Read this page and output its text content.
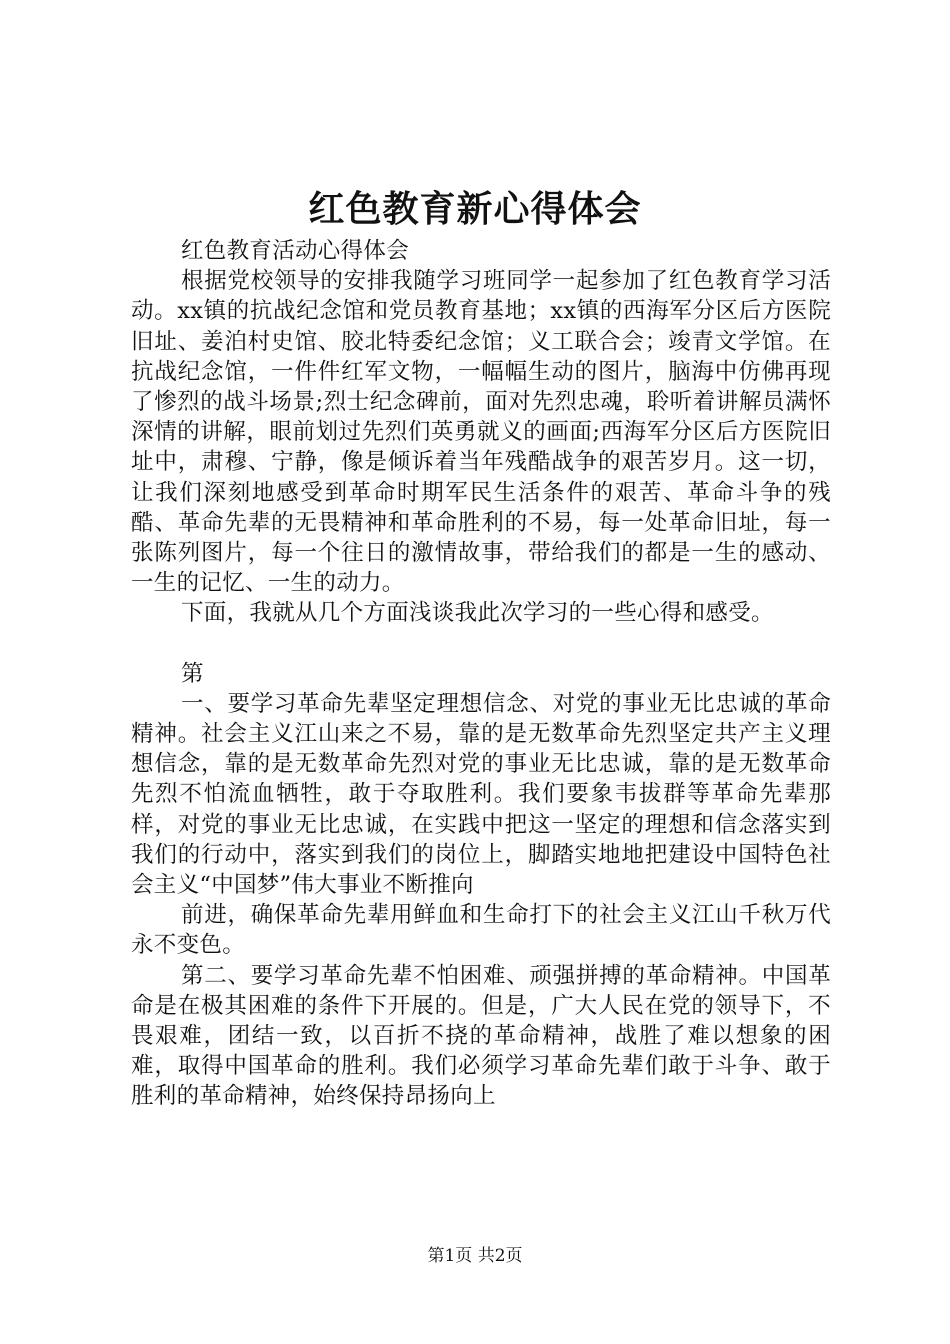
红色教育新心得体会

红色教育活动心得体会

根据党校领导的安排我随学习班同学一起参加了红色教育学习活动。xx镇的抗战纪念馆和党员教育基地；xx镇的西海军分区后方医院旧址、姜泊村史馆、胶北特委纪念馆；义工联合会；竣青文学馆。在抗战纪念馆，一件件红军文物，一幅幅生动的图片，脑海中仿佛再现了惨烈的战斗场景;烈士纪念碑前，面对先烈忠魂，聆听着讲解员满怀深情的讲解，眼前划过先烈们英勇就义的画面;西海军分区后方医院旧址中，肃穆、宁静，像是倾诉着当年残酷战争的艰苦岁月。这一切，让我们深刻地感受到革命时期军民生活条件的艰苦、革命斗争的残酷、革命先辈的无畏精神和革命胜利的不易，每一处革命旧址，每一张陈列图片，每一个往日的激情故事，带给我们的都是一生的感动、一生的记忆、一生的动力。

下面，我就从几个方面浅谈我此次学习的一些心得和感受。

第

一、要学习革命先辈坚定理想信念、对党的事业无比忠诚的革命精神。社会主义江山来之不易，靠的是无数革命先烈坚定共产主义理想信念，靠的是无数革命先烈对党的事业无比忠诚，靠的是无数革命先烈不怕流血牺牲，敢于夺取胜利。我们要象韦拔群等革命先辈那样，对党的事业无比忠诚，在实践中把这一坚定的理想和信念落实到我们的行动中，落实到我们的岗位上，脚踏实地地把建设中国特色社会主义“中国梦”伟大事业不断推向

前进，确保革命先辈用鲜血和生命打下的社会主义江山千秋万代永不变色。

第二、要学习革命先辈不怕困难、顽强拼搏的革命精神。中国革命是在极其困难的条件下开展的。但是，广大人民在党的领导下，不畏艰难，团结一致，以百折不挠的革命精神，战胜了难以想象的困难，取得中国革命的胜利。我们必须学习革命先辈们敢于斗争、敢于胜利的革命精神，始终保持昂扬向上

第1页 共2页
